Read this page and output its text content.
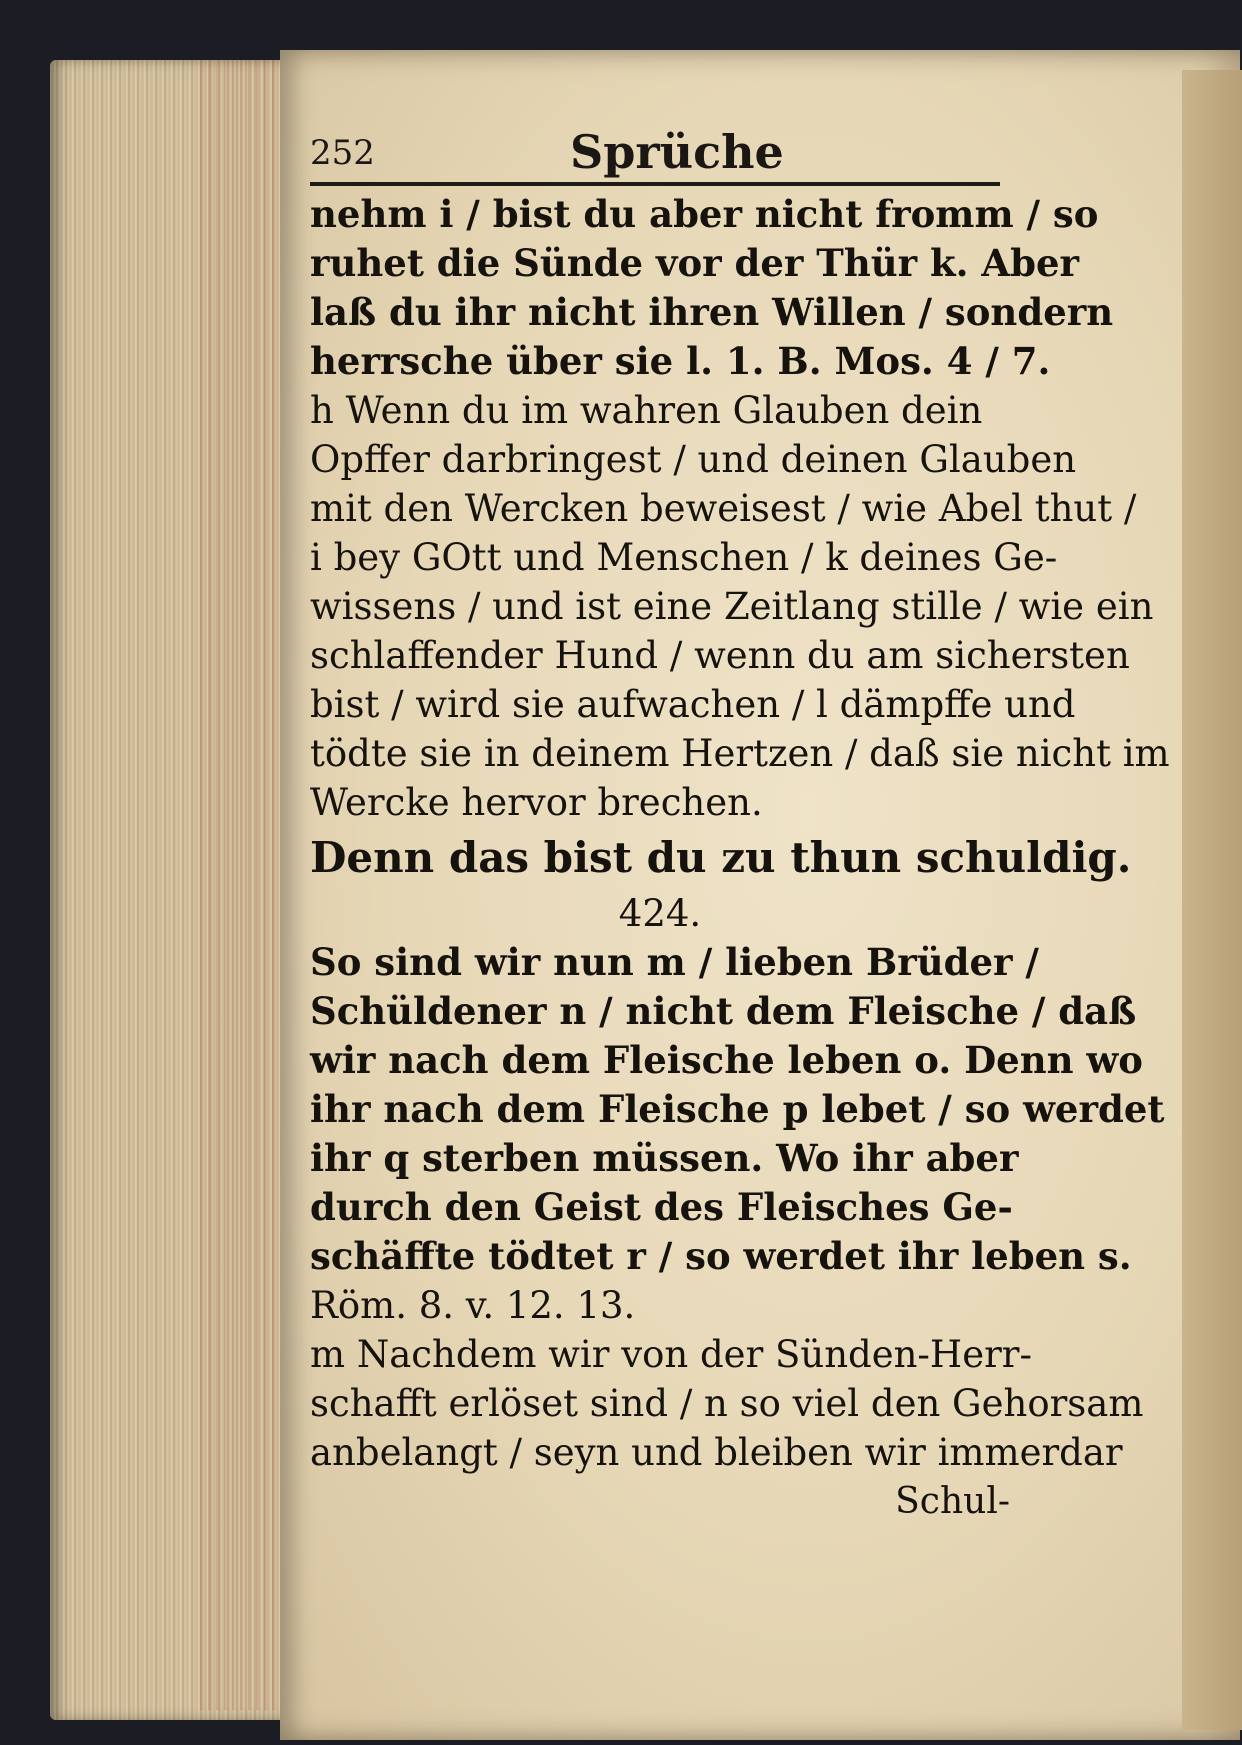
252	Sprüche
nehm i / bist du aber nicht fromm / so
ruhet die Sünde vor der Thür k. Aber
laß du ihr nicht ihren Willen / sondern
herrsche über sie l. 1. B. Mos. 4 / 7.
h Wenn du im wahren Glauben dein
Opffer darbringest / und deinen Glauben
mit den Wercken beweisest / wie Abel thut /
i bey GOtt und Menschen / k deines Ge-
wissens / und ist eine Zeitlang stille / wie ein
schlaffender Hund / wenn du am sichersten
bist / wird sie aufwachen / l dämpffe und
tödte sie in deinem Hertzen / daß sie nicht im
Wercke hervor brechen.
Denn das bist du zu thun schuldig.
424.
So sind wir nun m / lieben Brüder /
Schüldener n / nicht dem Fleische / daß
wir nach dem Fleische leben o. Denn wo
ihr nach dem Fleische p lebet / so werdet
ihr q sterben müssen. Wo ihr aber
durch den Geist des Fleisches Ge-
schäffte tödtet r / so werdet ihr leben s.
Röm. 8. v. 12. 13.
m Nachdem wir von der Sünden-Herr-
schafft erlöset sind / n so viel den Gehorsam
anbelangt / seyn und bleiben wir immerdar
Schul-
